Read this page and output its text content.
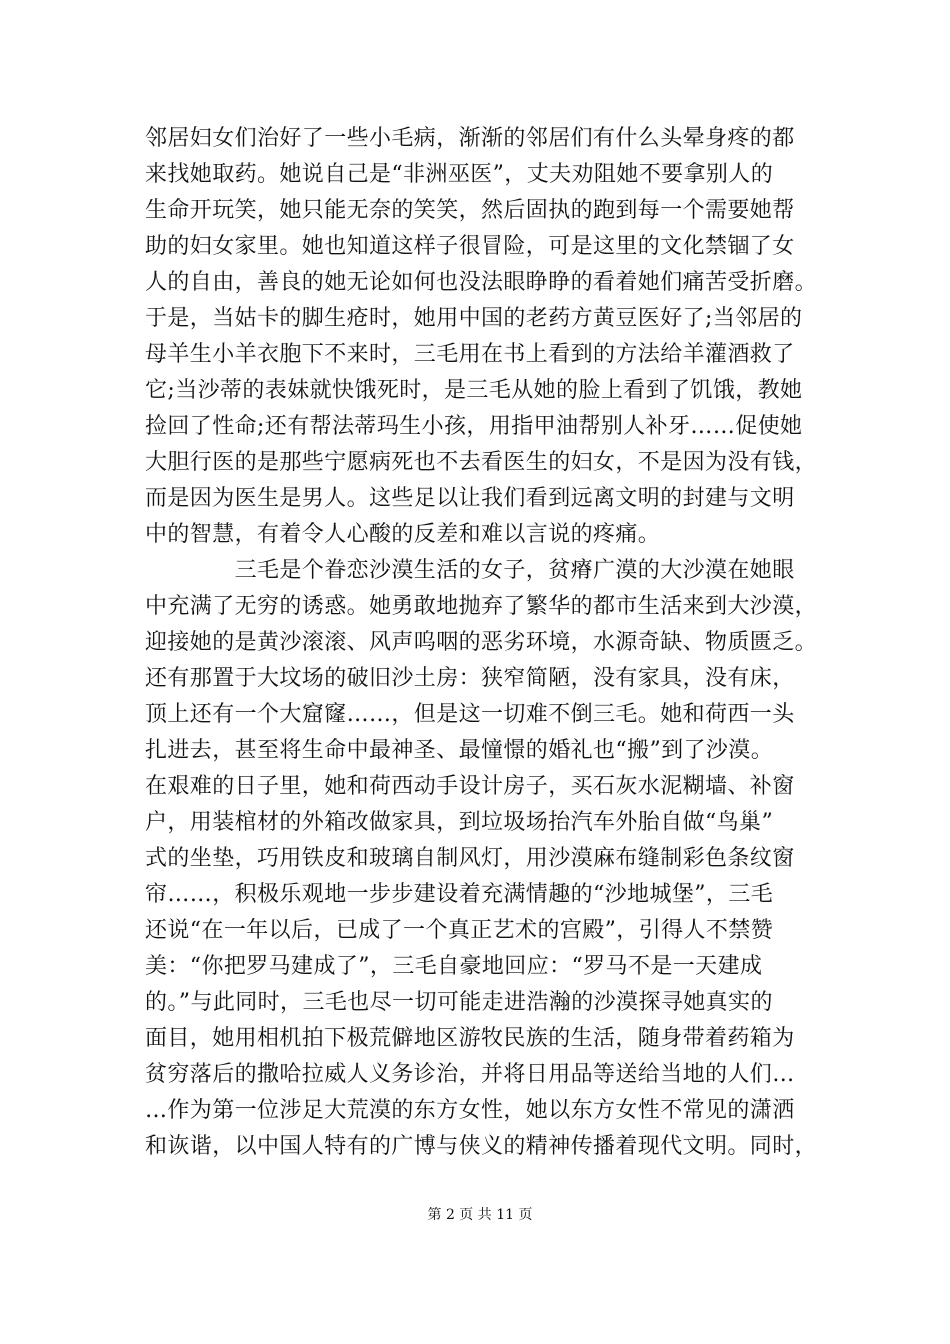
邻居妇女们治好了一些小毛病，渐渐的邻居们有什么头晕身疼的都
来找她取药。她说自己是“非洲巫医”，丈夫劝阻她不要拿别人的
生命开玩笑，她只能无奈的笑笑，然后固执的跑到每一个需要她帮
助的妇女家里。她也知道这样子很冒险，可是这里的文化禁锢了女
人的自由，善良的她无论如何也没法眼睁睁的看着她们痛苦受折磨。
于是，当姑卡的脚生疮时，她用中国的老药方黄豆医好了;当邻居的
母羊生小羊衣胞下不来时，三毛用在书上看到的方法给羊灌酒救了
它;当沙蒂的表妹就快饿死时，是三毛从她的脸上看到了饥饿，教她
捡回了性命;还有帮法蒂玛生小孩，用指甲油帮别人补牙……促使她
大胆行医的是那些宁愿病死也不去看医生的妇女，不是因为没有钱，
而是因为医生是男人。这些足以让我们看到远离文明的封建与文明
中的智慧，有着令人心酸的反差和难以言说的疼痛。
　　　　三毛是个眷恋沙漠生活的女子，贫瘠广漠的大沙漠在她眼
中充满了无穷的诱惑。她勇敢地抛弃了繁华的都市生活来到大沙漠，
迎接她的是黄沙滚滚、风声呜咽的恶劣环境，水源奇缺、物质匮乏。
还有那置于大坟场的破旧沙土房：狭窄简陋，没有家具，没有床，
顶上还有一个大窟窿……，但是这一切难不倒三毛。她和荷西一头
扎进去，甚至将生命中最神圣、最憧憬的婚礼也“搬”到了沙漠。
在艰难的日子里，她和荷西动手设计房子，买石灰水泥糊墙、补窗
户，用装棺材的外箱改做家具，到垃圾场抬汽车外胎自做“鸟巢”
式的坐垫，巧用铁皮和玻璃自制风灯，用沙漠麻布缝制彩色条纹窗
帘……，积极乐观地一步步建设着充满情趣的“沙地城堡”，三毛
还说“在一年以后，已成了一个真正艺术的宫殿”，引得人不禁赞
美：“你把罗马建成了”，三毛自豪地回应：“罗马不是一天建成
的。”与此同时，三毛也尽一切可能走进浩瀚的沙漠探寻她真实的
面目，她用相机拍下极荒僻地区游牧民族的生活，随身带着药箱为
贫穷落后的撒哈拉威人义务诊治，并将日用品等送给当地的人们…
…作为第一位涉足大荒漠的东方女性，她以东方女性不常见的潇洒
和诙谐，以中国人特有的广博与侠义的精神传播着现代文明。同时，
第 2 页 共 11 页
